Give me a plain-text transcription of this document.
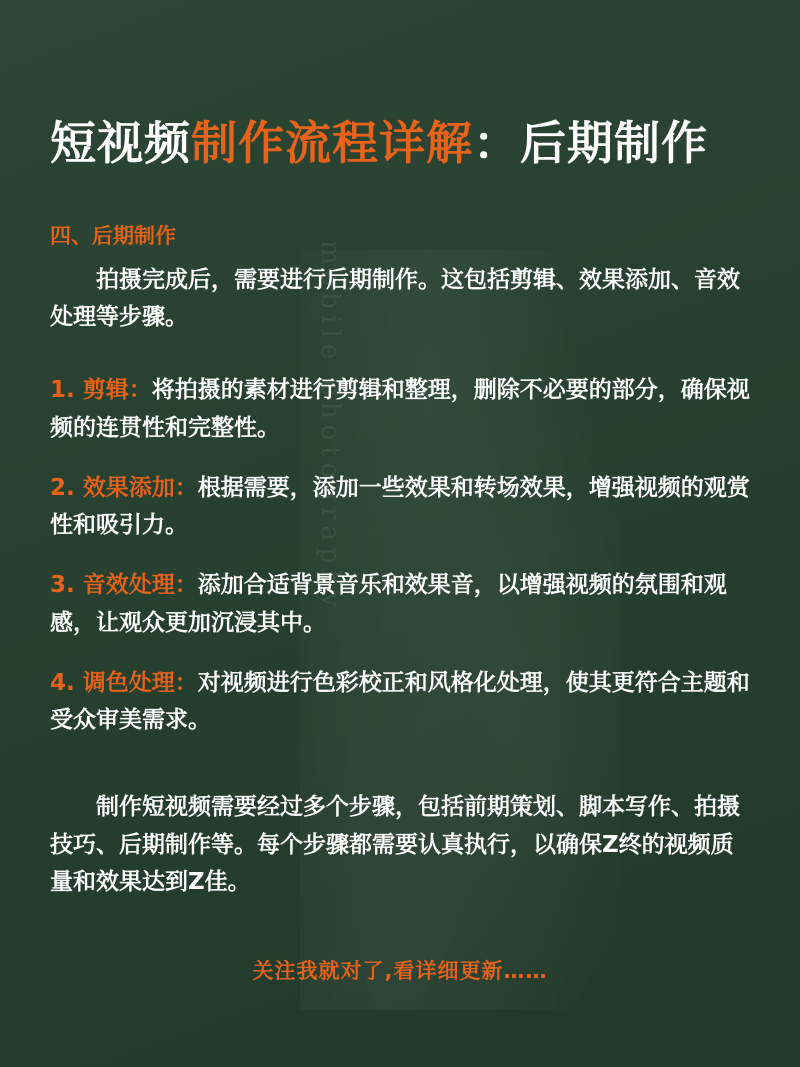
mobile photography
短视频制作流程详解：后期制作
四、后期制作
拍摄完成后，需要进行后期制作。这包括剪辑、效果添加、音效处理等步骤。

1. 剪辑：将拍摄的素材进行剪辑和整理，删除不必要的部分，确保视频的连贯性和完整性。

2. 效果添加：根据需要，添加一些效果和转场效果，增强视频的观赏性和吸引力。

3. 音效处理：添加合适背景音乐和效果音，以增强视频的氛围和观感，让观众更加沉浸其中。

4. 调色处理：对视频进行色彩校正和风格化处理，使其更符合主题和受众审美需求。

制作短视频需要经过多个步骤，包括前期策划、脚本写作、拍摄技巧、后期制作等。每个步骤都需要认真执行，以确保Z终的视频质量和效果达到Z佳。

关注我就对了,看详细更新……
